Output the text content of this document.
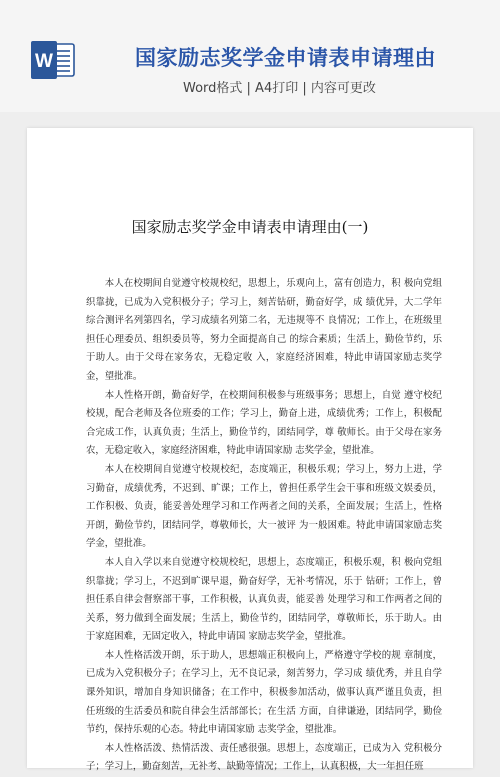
W	国家励志奖学金申请表申请理由
Word格式 | A4打印 | 内容可更改
国家励志奖学金申请表申请理由(一)

本人在校期间自觉遵守校规校纪，思想上，乐观向上，富有创造力，积 极向党组织靠拢，已成为入党积极分子；学习上，刻苦钻研，勤奋好学，成 绩优异，大二学年综合测评名列第四名，学习成绩名列第二名，无违规等不 良情况；工作上，在班级里担任心理委员、组织委员等，努力全面提高自己 的综合素质；生活上，勤俭节约，乐于助人。由于父母在家务农，无稳定收 入，家庭经济困难，特此申请国家励志奖学金，望批准。

本人性格开朗，勤奋好学，在校期间积极参与班级事务；思想上，自觉 遵守校纪校规，配合老师及各位班委的工作；学习上，勤奋上进，成绩优秀；工作上，积极配合完成工作，认真负责；生活上，勤俭节约，团结同学，尊 敬师长。由于父母在家务农，无稳定收入，家庭经济困难，特此申请国家励 志奖学金，望批准。

本人在校期间自觉遵守校规校纪，态度端正，积极乐观；学习上，努力上进，学习勤奋，成绩优秀，不迟到、旷课；工作上，曾担任系学生会干事和班级文娱委员，工作积极、负责，能妥善处理学习和工作两者之间的关系，全面发展；生活上，性格开朗，勤俭节约，团结同学，尊敬师长，大一被评 为一般困难。特此申请国家励志奖学金，望批准。

本人自入学以来自觉遵守校规校纪，思想上，态度端正，积极乐观，积 极向党组织靠拢；学习上，不迟到旷课早退，勤奋好学，无补考情况，乐于 钻研；工作上，曾担任系自律会督察部干事，工作积极，认真负责，能妥善 处理学习和工作两者之间的关系，努力做到全面发展；生活上，勤俭节约，团结同学，尊敬师长，乐于助人。由于家庭困难，无固定收入，特此申请国 家励志奖学金，望批准。

本人性格活泼开朗，乐于助人，思想端正积极向上，严格遵守学校的规 章制度，已成为入党积极分子；在学习上，无不良记录，刻苦努力，学习成 绩优秀，并且自学课外知识，增加自身知识储备；在工作中，积极参加活动，做事认真严谨且负责，担任班级的生活委员和院自律会生活部部长；在生活 方面，自律谦逊，团结同学，勤俭节约，保持乐观的心态。特此申请国家励 志奖学金，望批准。

本人性格活泼、热情活泼、责任感很强。思想上，态度端正，已成为入 党积极分子；学习上，勤奋刻苦，无补考、缺勤等情况；工作上，认真积极，大一年担任班
